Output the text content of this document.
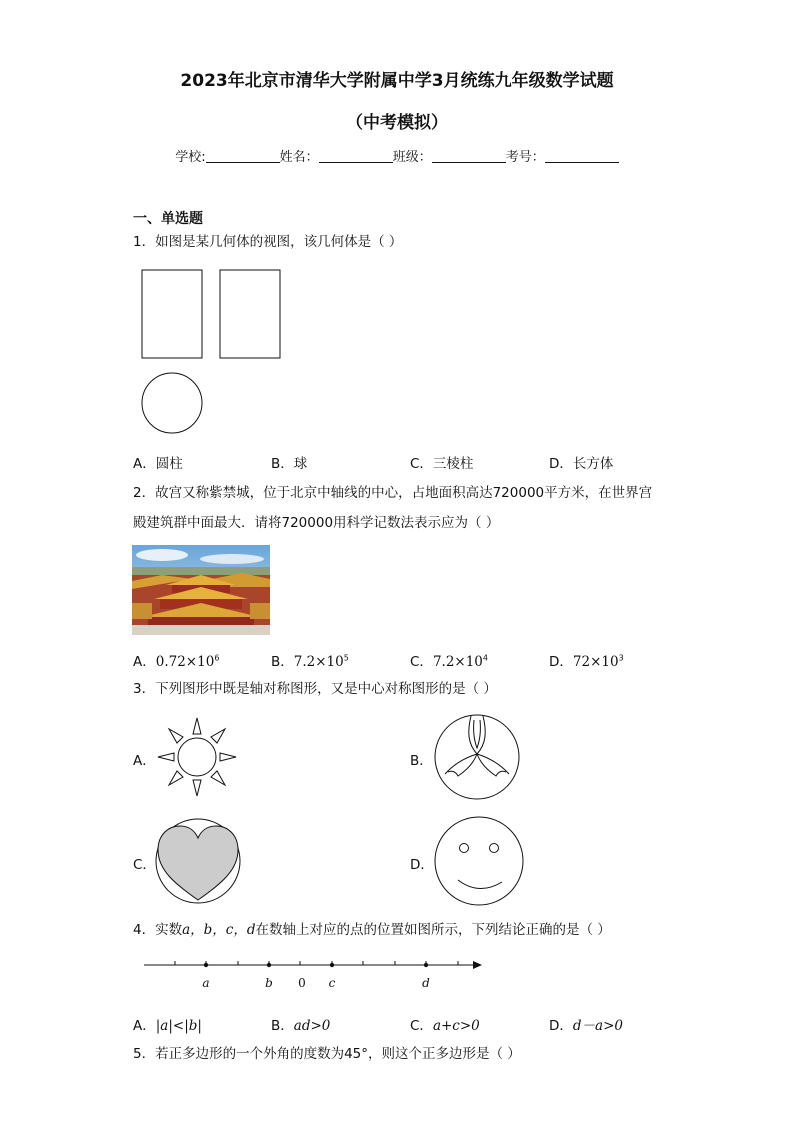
2023年北京市清华大学附属中学3月统练九年级数学试题
（中考模拟）
学校:	姓名：	班级：	考号：
一、单选题
1．如图是某几何体的视图，该几何体是（ ）
A．圆柱	B．球	C．三棱柱	D．长方体
2．故宫又称紫禁城，位于北京中轴线的中心，占地面积高达720000平方米，在世界宫
殿建筑群中面最大．请将720000用科学记数法表示应为（ ）
A．$0.72\times 10^6$	B．$7.2\times 10^5$	C．$7.2\times 10^4$	D．$72\times 10^3$
3．下列图形中既是轴对称图形，又是中心对称图形的是（ ）
A．	B．
C．	D．
4．实数a，b，c，d在数轴上对应的点的位置如图所示，下列结论正确的是（ ）
a	b 0 c	d
A．|a|<|b|	B．ad>0	C．a+c>0	D．d－a>0
5．若正多边形的一个外角的度数为45°，则这个正多边形是（ ）
